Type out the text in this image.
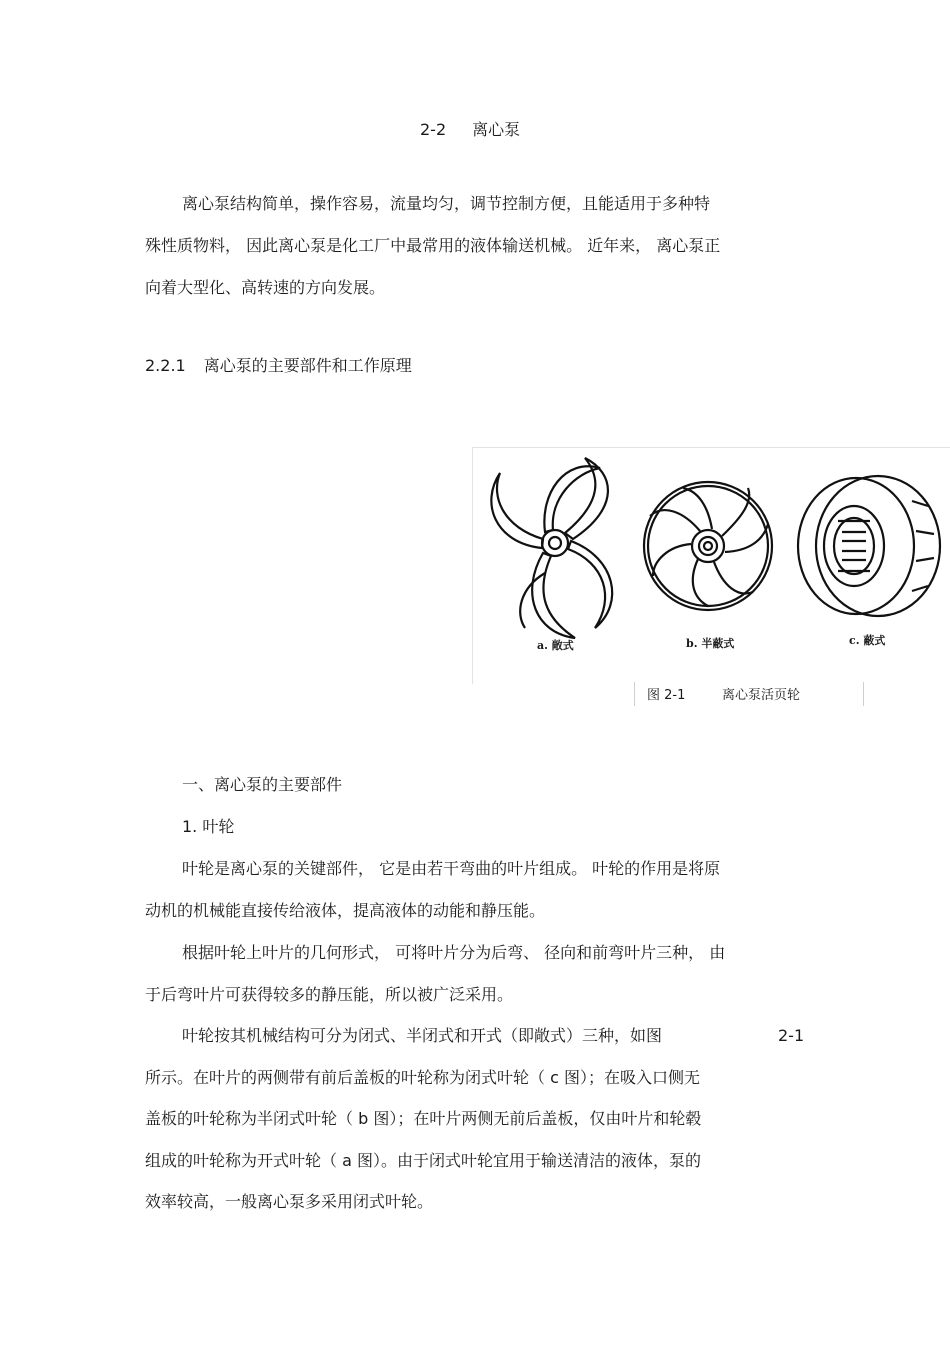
2-2 离心泵
离心泵结构简单，操作容易，流量均匀，调节控制方便，且能适用于多种特
殊性质物料， 因此离心泵是化工厂中最常用的液体输送机械。 近年来， 离心泵正
向着大型化、高转速的方向发展。
2.2.1 离心泵的主要部件和工作原理
a. 敞式	b. 半蔽式	c. 蔽式
图 2-1	离心泵活页轮
一、离心泵的主要部件
1. 叶轮
叶轮是离心泵的关键部件， 它是由若干弯曲的叶片组成。 叶轮的作用是将原
动机的机械能直接传给液体，提高液体的动能和静压能。
根据叶轮上叶片的几何形式， 可将叶片分为后弯、 径向和前弯叶片三种， 由
于后弯叶片可获得较多的静压能，所以被广泛采用。
叶轮按其机械结构可分为闭式、半闭式和开式（即敞式）三种，如图	2-1
所示。在叶片的两侧带有前后盖板的叶轮称为闭式叶轮（ c 图）；在吸入口侧无
盖板的叶轮称为半闭式叶轮（ b 图）；在叶片两侧无前后盖板，仅由叶片和轮毂
组成的叶轮称为开式叶轮（ a 图）。由于闭式叶轮宜用于输送清洁的液体，泵的
效率较高，一般离心泵多采用闭式叶轮。
